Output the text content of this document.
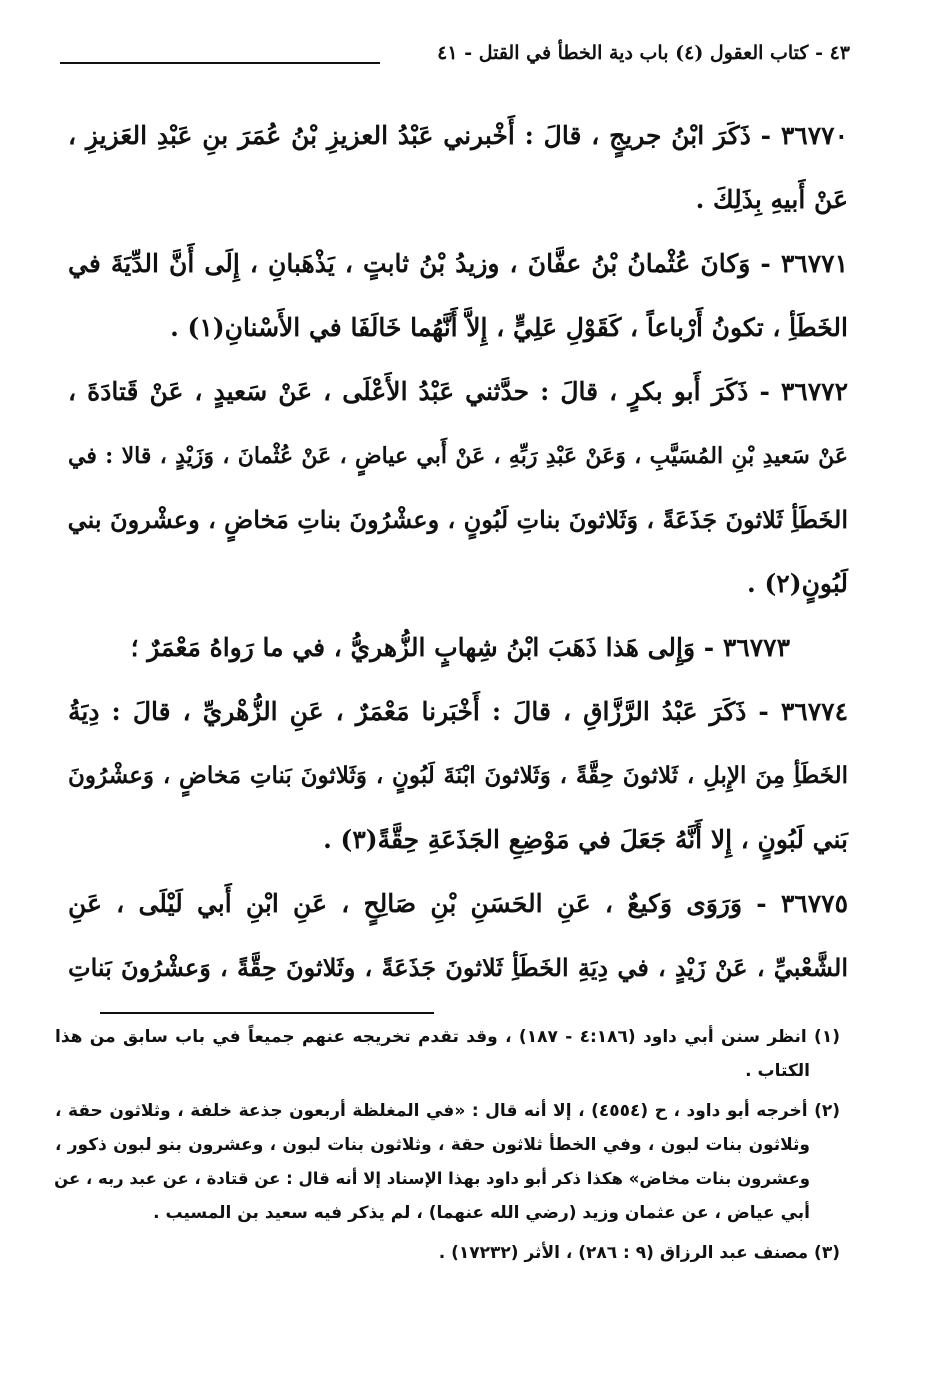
٤٣ - كتاب العقول (٤) باب دية الخطأ في القتل - ٤١
٣٦٧٧٠ - ذَكَرَ ابْنُ جريجٍ ، قالَ : أَخْبرني عَبْدُ العزيزِ بْنُ عُمَرَ بنِ عَبْدِ العَزيزِ ،
عَنْ أَبيهِ بِذَلِكَ .
٣٦٧٧١ - وَكانَ عُثْمانُ بْنُ عفَّانَ ، وزيدُ بْنُ ثابتٍ ، يَذْهَبانِ ، إِلَى أَنَّ الدِّيَةَ في
الخَطَأِ ، تكونُ أَرْباعاً ، كَقَوْلِ عَلِيٍّ ، إِلاَّ أَنَّهُما خَالَفَا في الأَسْنانِ(١) .
٣٦٧٧٢ - ذَكَرَ أَبو بكرٍ ، قالَ : حدَّثني عَبْدُ الأَعْلَى ، عَنْ سَعيدٍ ، عَنْ قَتادَةَ ،
عَنْ سَعيدِ بْنِ المُسَيَّبِ ، وَعَنْ عَبْدِ رَبِّهِ ، عَنْ أَبي عياضٍ ، عَنْ عُثْمانَ ، وَزَيْدٍ ، قالا : في
الخَطَأِ ثَلاثونَ جَذَعَةً ، وَثَلاثونَ بناتِ لَبُونٍ ، وعشْرُونَ بناتِ مَخاضٍ ، وعشْرونَ بني
لَبُونٍ(٢) .
٣٦٧٧٣ - وَإِلى هَذا ذَهَبَ ابْنُ شِهابٍ الزُّهريُّ ، في ما رَواهُ مَعْمَرٌ ؛
٣٦٧٧٤ - ذَكَرَ عَبْدُ الرَّزَّاقِ ، قالَ : أَخْبَرنا مَعْمَرٌ ، عَنِ الزُّهْريِّ ، قالَ : دِيَةُ
الخَطَأِ مِنَ الإِبلِ ، ثَلاثونَ حِقَّةً ، وَثَلاثونَ ابْنَةَ لَبُونٍ ، وَثَلاثونَ بَناتِ مَخاضٍ ، وَعشْرُونَ
بَني لَبُونٍ ، إِلا أَنَّهُ جَعَلَ في مَوْضِعِ الجَذَعَةِ حِقَّةً(٣) .
٣٦٧٧٥ - وَرَوَى وَكيعٌ ، عَنِ الحَسَنِ بْنِ صَالِحٍ ، عَنِ ابْنِ أَبي لَيْلَى ، عَنِ
الشَّعْبيِّ ، عَنْ زَيْدٍ ، في دِيَةِ الخَطَأِ ثَلاثونَ جَذَعَةً ، وثَلاثونَ حِقَّةً ، وَعشْرُونَ بَناتِ
(١) انظر سنن أبي داود (٤:١٨٦ - ١٨٧) ، وقد تقدم تخريجه عنهم جميعاً في باب سابق من هذا
الكتاب .
(٢) أخرجه أبو داود ، ح (٤٥٥٤) ، إلا أنه قال : «في المغلظة أربعون جذعة خلفة ، وثلاثون حقة ،
وثلاثون بنات لبون ، وفي الخطأ ثلاثون حقة ، وثلاثون بنات لبون ، وعشرون بنو لبون ذكور ،
وعشرون بنات مخاض» هكذا ذكر أبو داود بهذا الإسناد إلا أنه قال : عن قتادة ، عن عبد ربه ، عن
أبي عياض ، عن عثمان وزيد (رضي الله عنهما) ، لم يذكر فيه سعيد بن المسيب .
(٣) مصنف عبد الرزاق (٩ : ٢٨٦) ، الأثر (١٧٢٣٢) .
